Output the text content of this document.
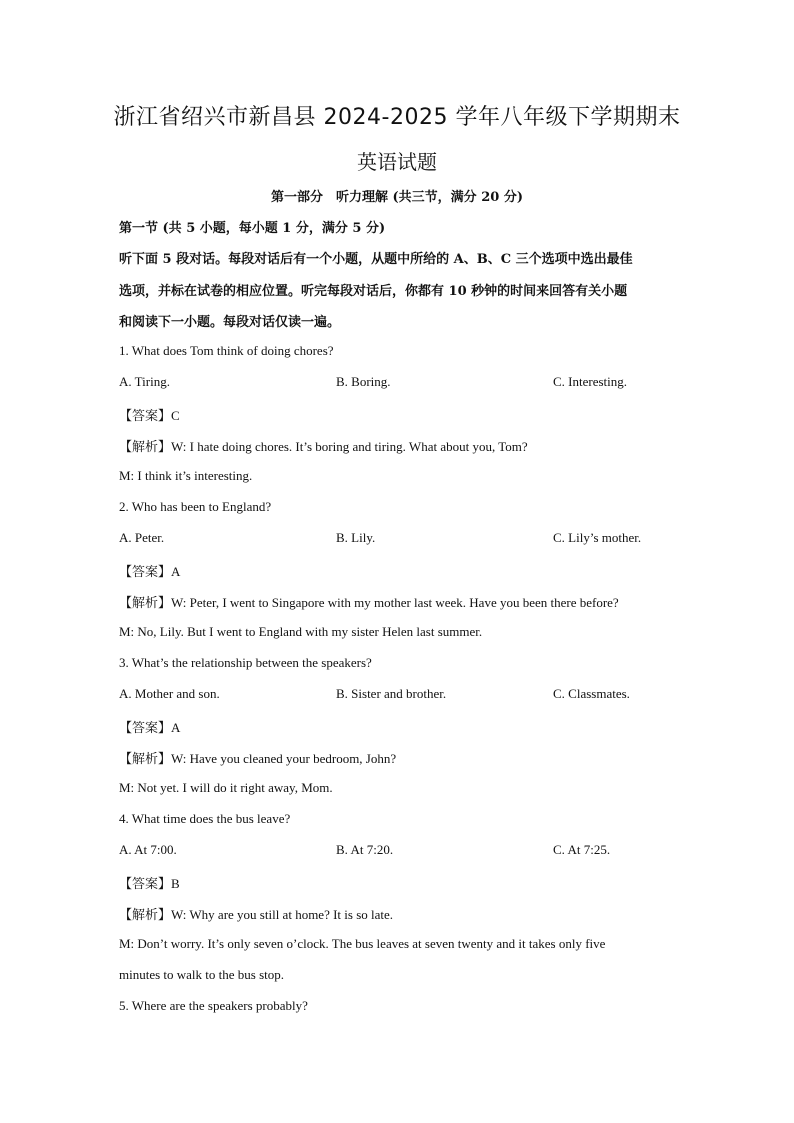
浙江省绍兴市新昌县 2024-2025 学年八年级下学期期末
英语试题
第一部分　听力理解 (共三节，满分 20 分)
第一节 (共 5 小题，每小题 1 分，满分 5 分)
听下面 5 段对话。每段对话后有一个小题，从题中所给的 A、B、C 三个选项中选出最佳
选项，并标在试卷的相应位置。听完每段对话后，你都有 10 秒钟的时间来回答有关小题
和阅读下一小题。每段对话仅读一遍。
1. What does Tom think of doing chores?
A. Tiring.	B. Boring.	C. Interesting.
【答案】C
【解析】W: I hate doing chores. It’s boring and tiring. What about you, Tom?
M: I think it’s interesting.
2. Who has been to England?
A. Peter.	B. Lily.	C. Lily’s mother.
【答案】A
【解析】W: Peter, I went to Singapore with my mother last week. Have you been there before?
M: No, Lily. But I went to England with my sister Helen last summer.
3. What’s the relationship between the speakers?
A. Mother and son.	B. Sister and brother.	C. Classmates.
【答案】A
【解析】W: Have you cleaned your bedroom, John?
M: Not yet. I will do it right away, Mom.
4. What time does the bus leave?
A. At 7:00.	B. At 7:20.	C. At 7:25.
【答案】B
【解析】W: Why are you still at home? It is so late.
M: Don’t worry. It’s only seven o’clock. The bus leaves at seven twenty and it takes only five
minutes to walk to the bus stop.
5. Where are the speakers probably?
